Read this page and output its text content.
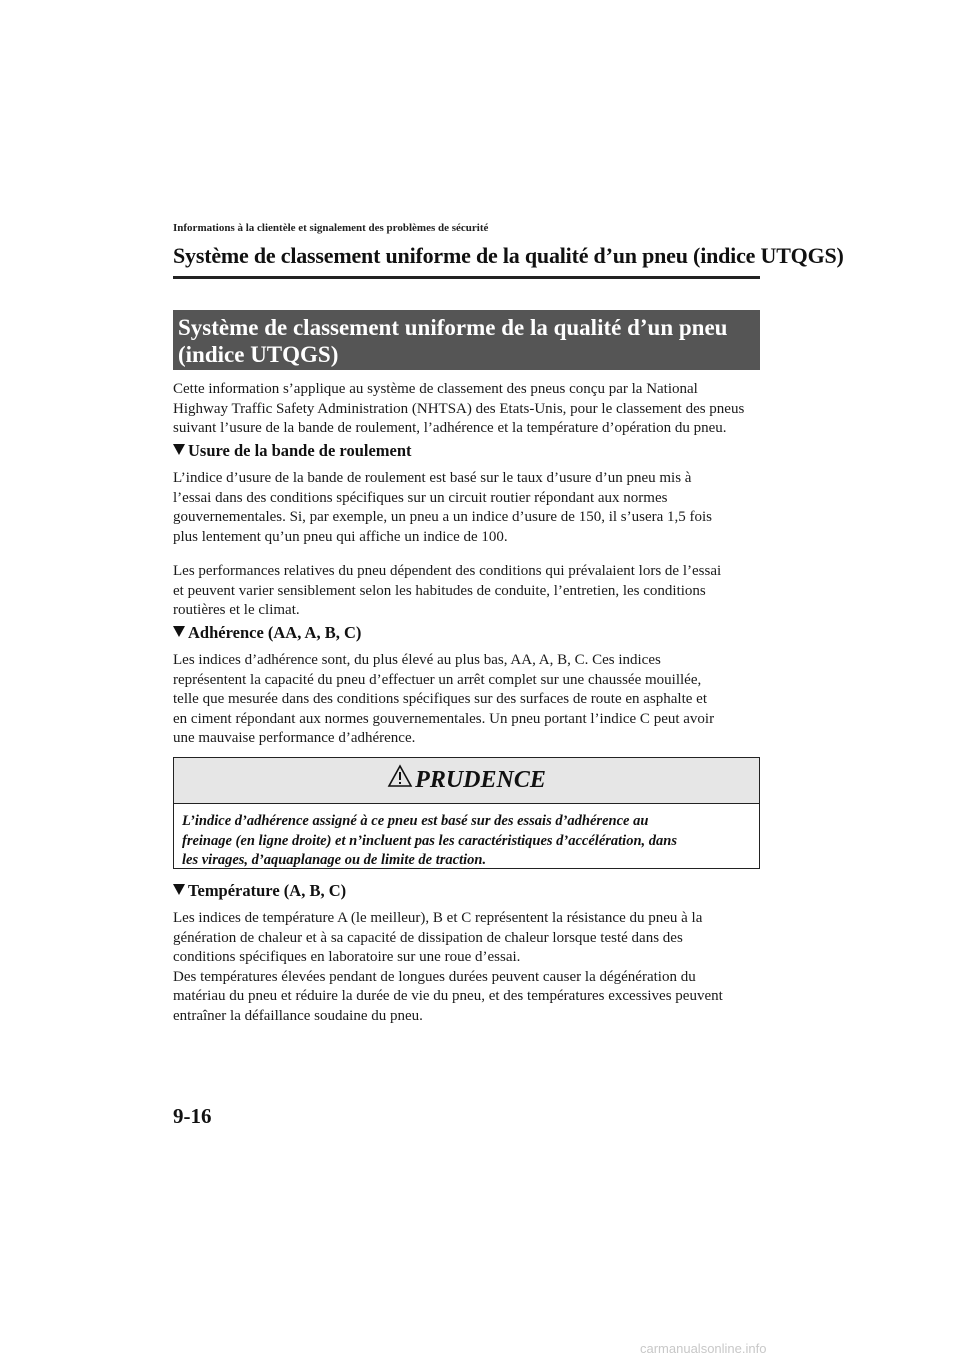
Informations à la clientèle et signalement des problèmes de sécurité
Système de classement uniforme de la qualité d’un pneu (indice UTQGS)
Système de classement uniforme de la qualité d’un pneu
(indice UTQGS)
Cette information s’applique au système de classement des pneus conçu par la National
Highway Traffic Safety Administration (NHTSA) des Etats-Unis, pour le classement des pneus
suivant l’usure de la bande de roulement, l’adhérence et la température d’opération du pneu.
Usure de la bande de roulement
L’indice d’usure de la bande de roulement est basé sur le taux d’usure d’un pneu mis à
l’essai dans des conditions spécifiques sur un circuit routier répondant aux normes
gouvernementales. Si, par exemple, un pneu a un indice d’usure de 150, il s’usera 1,5 fois
plus lentement qu’un pneu qui affiche un indice de 100.
Les performances relatives du pneu dépendent des conditions qui prévalaient lors de l’essai
et peuvent varier sensiblement selon les habitudes de conduite, l’entretien, les conditions
routières et le climat.
Adhérence (AA, A, B, C)
Les indices d’adhérence sont, du plus élevé au plus bas, AA, A, B, C. Ces indices
représentent la capacité du pneu d’effectuer un arrêt complet sur une chaussée mouillée,
telle que mesurée dans des conditions spécifiques sur des surfaces de route en asphalte et
en ciment répondant aux normes gouvernementales. Un pneu portant l’indice C peut avoir
une mauvaise performance d’adhérence.
PRUDENCE
L’indice d’adhérence assigné à ce pneu est basé sur des essais d’adhérence au
freinage (en ligne droite) et n’incluent pas les caractéristiques d’accélération, dans
les virages, d’aquaplanage ou de limite de traction.
Température (A, B, C)
Les indices de température A (le meilleur), B et C représentent la résistance du pneu à la
génération de chaleur et à sa capacité de dissipation de chaleur lorsque testé dans des
conditions spécifiques en laboratoire sur une roue d’essai.
Des températures élevées pendant de longues durées peuvent causer la dégénération du
matériau du pneu et réduire la durée de vie du pneu, et des températures excessives peuvent
entraîner la défaillance soudaine du pneu.
9-16
carmanualsonline.info
